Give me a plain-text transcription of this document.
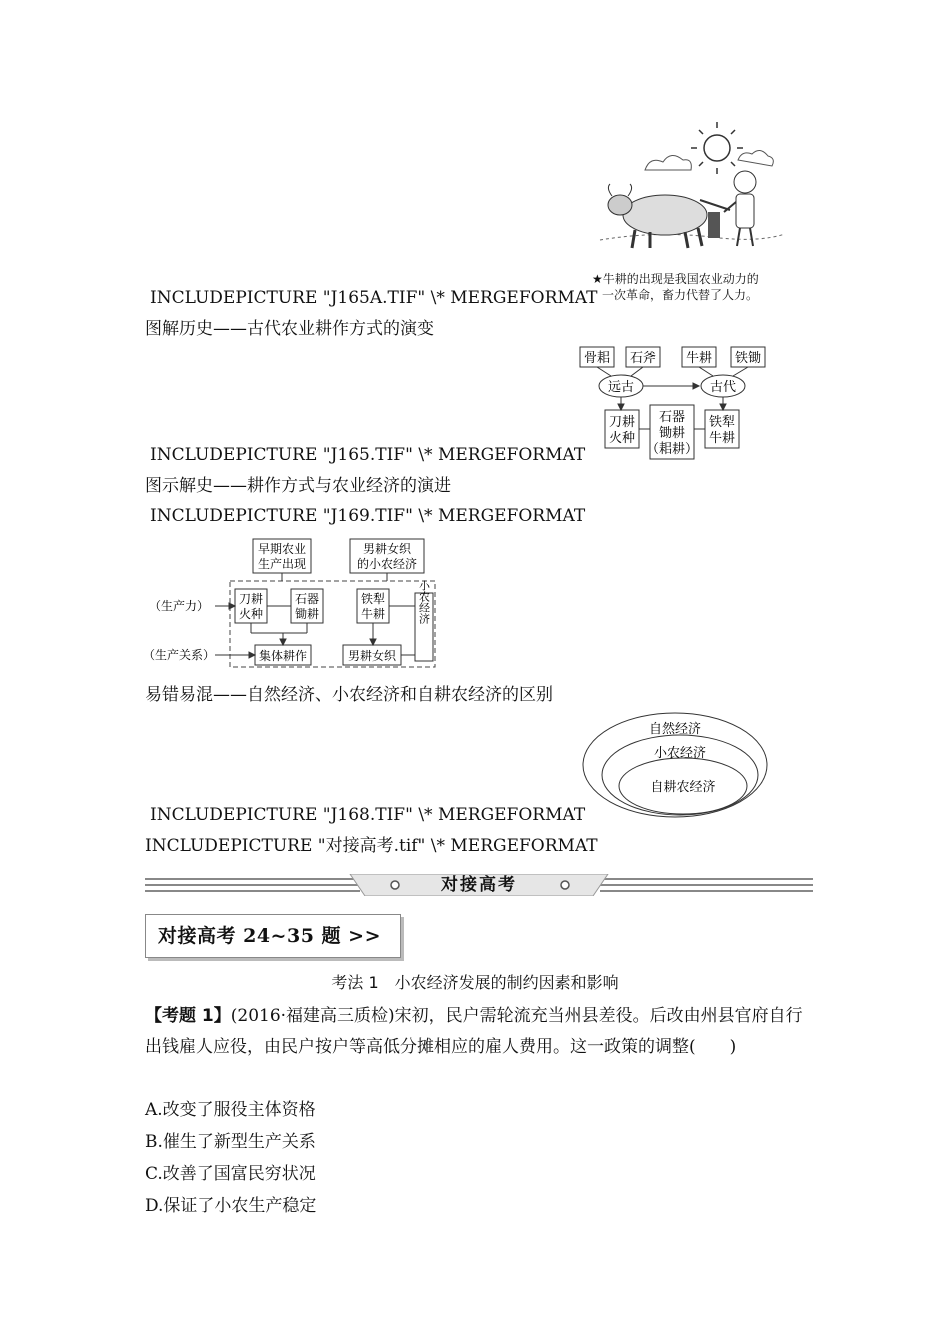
★牛耕的出现是我国农业动力的
一次革命，畜力代替了人力。
INCLUDEPICTURE "J165A.TIF" \* MERGEFORMAT
图解历史——古代农业耕作方式的演变
骨耜 石斧 牛耕 铁锄
远古	古代
刀耕
火种
石器
锄耕
（耜耕）
铁犁
牛耕
INCLUDEPICTURE "J165.TIF" \* MERGEFORMAT
图示解史——耕作方式与农业经济的演进
INCLUDEPICTURE "J169.TIF" \* MERGEFORMAT
早期农业
生产出现
男耕女织
的小农经济
（生产力）
（生产关系）
刀耕
火种
石器
锄耕
铁犁
牛耕	小农经济
集体耕作	男耕女织
易错易混——自然经济、小农经济和自耕农经济的区别
自然经济
小农经济
自耕农经济
INCLUDEPICTURE "J168.TIF" \* MERGEFORMAT
INCLUDEPICTURE "对接高考.tif" \* MERGEFORMAT
对接高考
对接高考 24~35 题 >>
考法 1　小农经济发展的制约因素和影响
【考题 1】(2016·福建高三质检)宋初，民户需轮流充当州县差役。后改由州县官府自行出钱雇人应役，由民户按户等高低分摊相应的雇人费用。这一政策的调整(　　)
A.改变了服役主体资格
B.催生了新型生产关系
C.改善了国富民穷状况
D.保证了小农生产稳定
